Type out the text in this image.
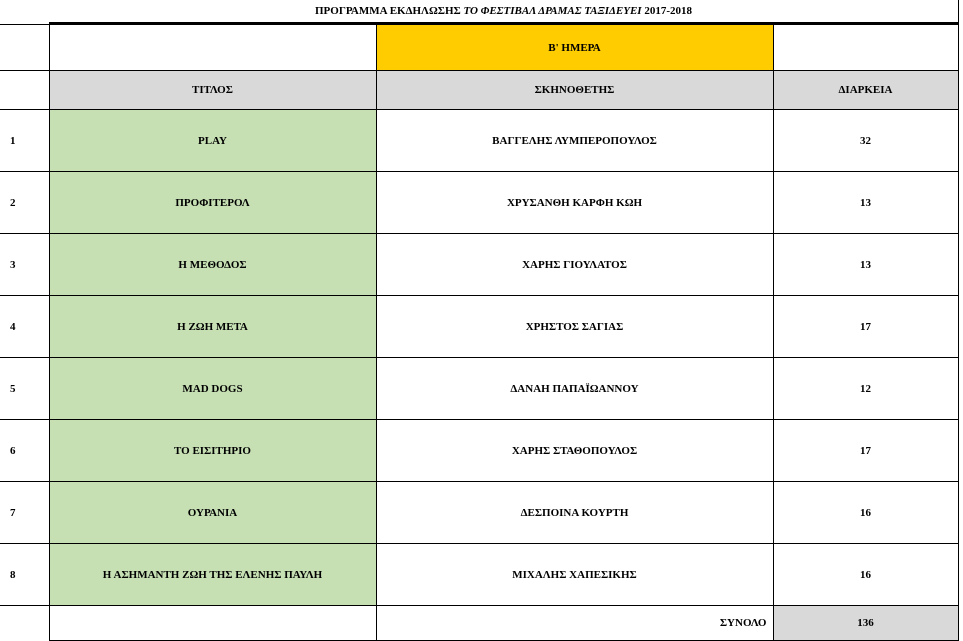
ΠΡΟΓΡΑΜΜΑ ΕΚΔΗΛΩΣΗΣ
ΤΟ ΦΕΣΤΙΒΑΛ ΔΡΑΜΑΣ ΤΑΞΙΔΕΥΕΙ
2017-2018
		Β' ΗΜΕΡΑ	
	ΤΙΤΛΟΣ	ΣΚΗΝΟΘΕΤΗΣ	ΔΙΑΡΚΕΙΑ
1	PLAY	ΒΑΓΓΕΛΗΣ ΛΥΜΠΕΡΟΠΟΥΛΟΣ	32
2	ΠΡΟΦΙΤΕΡΟΛ	ΧΡΥΣΑΝΘΗ ΚΑΡΦΗ ΚΩΗ	13
3	Η ΜΕΘΟΔΟΣ	ΧΑΡΗΣ ΓΙΟΥΛΑΤΟΣ	13
4	Η ΖΩΗ ΜΕΤΑ	ΧΡΗΣΤΟΣ ΣΑΓΙΑΣ	17
5	MAD DOGS	ΔΑΝΑΗ ΠΑΠΑΪΩΑΝΝΟΥ	12
6	ΤΟ ΕΙΣΙΤΗΡΙΟ	ΧΑΡΗΣ ΣΤΑΘΟΠΟΥΛΟΣ	17
7	ΟΥΡΑΝΙΑ	ΔΕΣΠΟΙΝΑ ΚΟΥΡΤΗ	16
8	Η ΑΣΗΜΑΝΤΗ ΖΩΗ ΤΗΣ ΕΛΕΝΗΣ ΠΑΥΛΗ	ΜΙΧΑΛΗΣ ΧΑΠΕΣΙΚΗΣ	16
		ΣΥΝΟΛΟ	136
